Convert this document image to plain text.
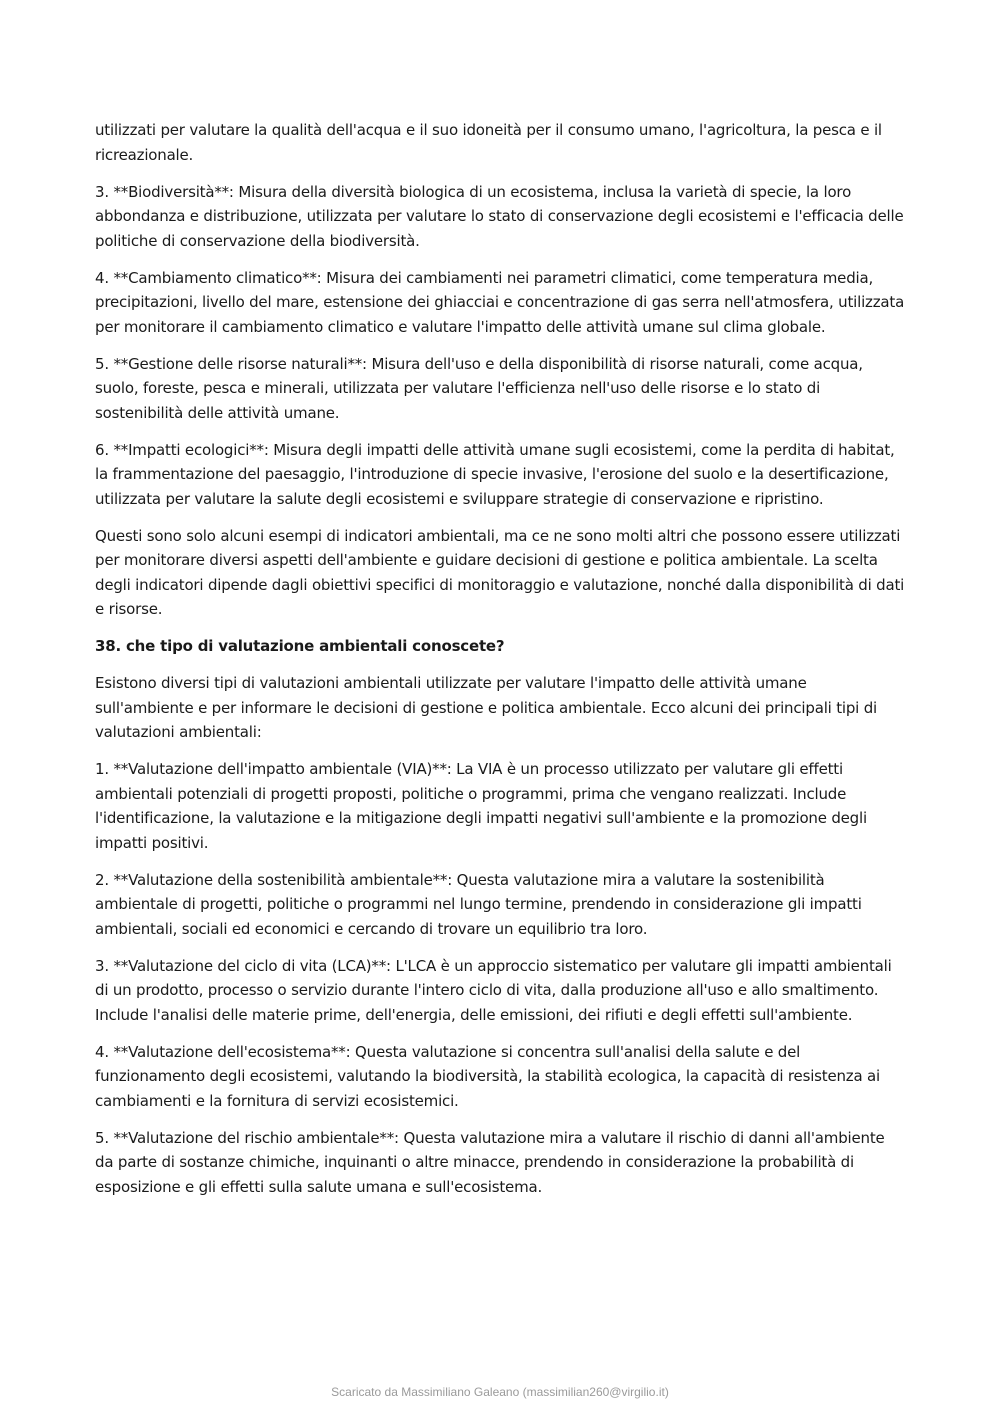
utilizzati per valutare la qualità dell'acqua e il suo idoneità per il consumo umano, l'agricoltura, la pesca e il ricreazionale.

3. **Biodiversità**: Misura della diversità biologica di un ecosistema, inclusa la varietà di specie, la loro abbondanza e distribuzione, utilizzata per valutare lo stato di conservazione degli ecosistemi e l'efficacia delle politiche di conservazione della biodiversità.

4. **Cambiamento climatico**: Misura dei cambiamenti nei parametri climatici, come temperatura media, precipitazioni, livello del mare, estensione dei ghiacciai e concentrazione di gas serra nell'atmosfera, utilizzata per monitorare il cambiamento climatico e valutare l'impatto delle attività umane sul clima globale.

5. **Gestione delle risorse naturali**: Misura dell'uso e della disponibilità di risorse naturali, come acqua, suolo, foreste, pesca e minerali, utilizzata per valutare l'efficienza nell'uso delle risorse e lo stato di sostenibilità delle attività umane.

6. **Impatti ecologici**: Misura degli impatti delle attività umane sugli ecosistemi, come la perdita di habitat, la frammentazione del paesaggio, l'introduzione di specie invasive, l'erosione del suolo e la desertificazione, utilizzata per valutare la salute degli ecosistemi e sviluppare strategie di conservazione e ripristino.

Questi sono solo alcuni esempi di indicatori ambientali, ma ce ne sono molti altri che possono essere utilizzati per monitorare diversi aspetti dell'ambiente e guidare decisioni di gestione e politica ambientale. La scelta degli indicatori dipende dagli obiettivi specifici di monitoraggio e valutazione, nonché dalla disponibilità di dati e risorse.

38. che tipo di valutazione ambientali conoscete?

Esistono diversi tipi di valutazioni ambientali utilizzate per valutare l'impatto delle attività umane sull'ambiente e per informare le decisioni di gestione e politica ambientale. Ecco alcuni dei principali tipi di valutazioni ambientali:

1. **Valutazione dell'impatto ambientale (VIA)**: La VIA è un processo utilizzato per valutare gli effetti ambientali potenziali di progetti proposti, politiche o programmi, prima che vengano realizzati. Include l'identificazione, la valutazione e la mitigazione degli impatti negativi sull'ambiente e la promozione degli impatti positivi.

2. **Valutazione della sostenibilità ambientale**: Questa valutazione mira a valutare la sostenibilità ambientale di progetti, politiche o programmi nel lungo termine, prendendo in considerazione gli impatti ambientali, sociali ed economici e cercando di trovare un equilibrio tra loro.

3. **Valutazione del ciclo di vita (LCA)**: L'LCA è un approccio sistematico per valutare gli impatti ambientali di un prodotto, processo o servizio durante l'intero ciclo di vita, dalla produzione all'uso e allo smaltimento. Include l'analisi delle materie prime, dell'energia, delle emissioni, dei rifiuti e degli effetti sull'ambiente.

4. **Valutazione dell'ecosistema**: Questa valutazione si concentra sull'analisi della salute e del funzionamento degli ecosistemi, valutando la biodiversità, la stabilità ecologica, la capacità di resistenza ai cambiamenti e la fornitura di servizi ecosistemici.

5. **Valutazione del rischio ambientale**: Questa valutazione mira a valutare il rischio di danni all'ambiente da parte di sostanze chimiche, inquinanti o altre minacce, prendendo in considerazione la probabilità di esposizione e gli effetti sulla salute umana e sull'ecosistema.

Scaricato da Massimiliano Galeano (massimilian260@virgilio.it)
